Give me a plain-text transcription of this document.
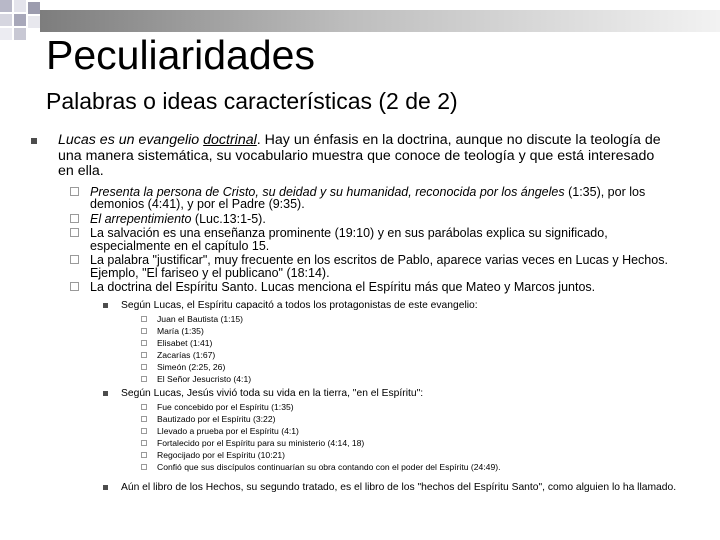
Peculiaridades
Palabras o ideas características (2 de 2)
Lucas es un evangelio doctrinal. Hay un énfasis en la doctrina, aunque no discute la teología de una manera sistemática, su vocabulario muestra que conoce de teología y que está interesado en ella.
Presenta la persona de Cristo, su deidad y su humanidad, reconocida por los ángeles (1:35), por los demonios (4:41), y por el Padre (9:35).
El arrepentimiento (Luc.13:1-5).
La salvación es una enseñanza prominente (19:10) y en sus parábolas explica su significado, especialmente en el capítulo 15.
La palabra "justificar", muy frecuente en los escritos de Pablo, aparece varias veces en Lucas y Hechos. Ejemplo, "El fariseo y el publicano" (18:14).
La doctrina del Espíritu Santo. Lucas menciona el Espíritu más que Mateo y Marcos juntos.
Según Lucas, el Espíritu capacitó a todos los protagonistas de este evangelio:
Juan el Bautista (1:15)
María (1:35)
Elisabet (1:41)
Zacarías (1:67)
Simeón (2:25, 26)
El Señor Jesucristo (4:1)
Según Lucas, Jesús vivió toda su vida en la tierra, "en el Espíritu":
Fue concebido por el Espíritu (1:35)
Bautizado por el Espíritu (3:22)
Llevado a prueba por el Espíritu (4:1)
Fortalecido por el Espíritu para su ministerio (4:14, 18)
Regocijado por el Espíritu (10:21)
Confió que sus discípulos continuarían su obra contando con el poder del Espíritu (24:49).
Aún el libro de los Hechos, su segundo tratado, es el libro de los "hechos del Espíritu Santo", como alguien lo ha llamado.
